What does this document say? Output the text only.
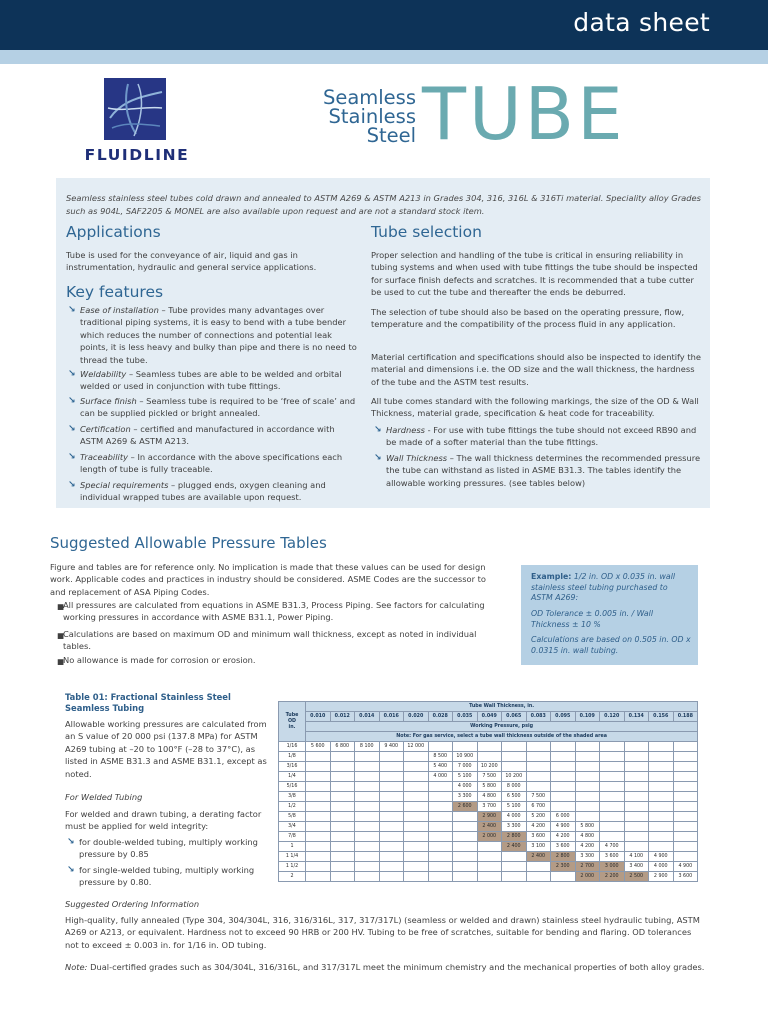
data sheet
FLUIDLINE
Seamless
Stainless
Steel TUBE

Seamless stainless steel tubes cold drawn and annealed to ASTM A269 & ASTM A213 in Grades 304, 316, 316L & 316Ti material. Speciality alloy Grades such as 904L, SAF2205 & MONEL are also available upon request and are not a standard stock item.

Applications

Tube is used for the conveyance of air, liquid and gas in instrumentation, hydraulic and general service applications.

Key features
↘ Ease of installation – Tube provides many advantages over traditional piping systems, it is easy to bend with a tube bender which reduces the number of connections and potential leak points, it is less heavy and bulky than pipe and there is no need to thread the tube.
↘ Weldability – Seamless tubes are able to be welded and orbital welded or used in conjunction with tube fittings.
↘ Surface finish – Seamless tube is required to be ‘free of scale’ and can be supplied pickled or bright annealed.
↘ Certification – certified and manufactured in accordance with ASTM A269 & ASTM A213.
↘ Traceability – In accordance with the above specifications each length of tube is fully traceable.
↘ Special requirements – plugged ends, oxygen cleaning and individual wrapped tubes are available upon request.
Tube selection

Proper selection and handling of the tube is critical in ensuring reliability in tubing systems and when used with tube fittings the tube should be inspected for surface finish defects and scratches. It is recommended that a tube cutter be used to cut the tube and thereafter the ends be deburred.

The selection of tube should also be based on the operating pressure, flow, temperature and the compatibility of the process fluid in any application.

Material certification and specifications should also be inspected to identify the material and dimensions i.e. the OD size and the wall thickness, the hardness of the tube and the ASTM test results.

All tube comes standard with the following markings, the size of the OD & Wall Thickness, material grade, specification & heat code for traceability.

↘ Hardness - For use with tube fittings the tube should not exceed RB90 and be made of a softer material than the tube fittings.
↘ Wall Thickness – The wall thickness determines the recommended pressure the tube can withstand as listed in ASME B31.3. The tables identify the allowable working pressures. (see tables below)
Suggested Allowable Pressure Tables

Figure and tables are for reference only. No implication is made that these values can be used for design work. Applicable codes and practices in industry should be considered. ASME Codes are the successor to and replacement of ASA Piping Codes.

■

All pressures are calculated from equations in ASME B31.3, Process Piping. See factors for calculating working pressures in accordance with ASME B31.1, Power Piping.

■

Calculations are based on maximum OD and minimum wall thickness, except as noted in individual tables.

■

No allowance is made for corrosion or erosion.

Example: 1/2 in. OD x 0.035 in. wall stainless steel tubing purchased to ASTM A269:

OD Tolerance ± 0.005 in. / Wall Thickness ± 10 %

Calculations are based on 0.505 in. OD x 0.0315 in. wall tubing.

Table 01: Fractional Stainless Steel Seamless Tubing

Allowable working pressures are calculated from an S value of 20 000 psi (137.8 MPa) for ASTM A269 tubing at –20 to 100°F (–28 to 37°C), as listed in ASME B31.3 and ASME B31.1, except as noted.

For Welded Tubing

For welded and drawn tubing, a derating factor must be applied for weld integrity:

↘ for double-welded tubing, multiply working pressure by 0.85
↘ for single-welded tubing, multiply working pressure by 0.80.
Tube
OD
in.	Tube Wall Thickness, in.															
	0.010	0.012	0.014	0.016	0.020	0.028	0.035	0.049	0.065	0.083	0.095	0.109	0.120	0.134	0.156	0.188
	Working Pressure, psig															
	Note: For gas service, select a tube wall thickness outside of the shaded area															
1/16	5 600	6 800	8 100	9 400	12 000											
1/8						8 500	10 900									
3/16						5 400	7 000	10 200								
1/4						4 000	5 100	7 500	10 200							
5/16							4 000	5 800	8 000							
3/8							3 300	4 800	6 500	7 500						
1/2							2 600	3 700	5 100	6 700						
5/8								2 900	4 000	5 200	6 000					
3/4								2 400	3 300	4 200	4 900	5 800				
7/8								2 000	2 800	3 600	4 200	4 800				
1									2 400	3 100	3 600	4 200	4 700			
1 1/4										2 400	2 800	3 300	3 600	4 100	4 900	
1 1/2											2 300	2 700	3 000	3 400	4 000	4 900
2												2 000	2 200	2 500	2 900	3 600

Suggested Ordering Information

High-quality, fully annealed (Type 304, 304/304L, 316, 316/316L, 317, 317/317L) (seamless or welded and drawn) stainless steel hydraulic tubing, ASTM A269 or A213, or equivalent. Hardness not to exceed 90 HRB or 200 HV. Tubing to be free of scratches, suitable for bending and flaring. OD tolerances not to exceed ± 0.003 in. for 1/16 in. OD tubing.

Note: Dual-certified grades such as 304/304L, 316/316L, and 317/317L meet the minimum chemistry and the mechanical properties of both alloy grades.
